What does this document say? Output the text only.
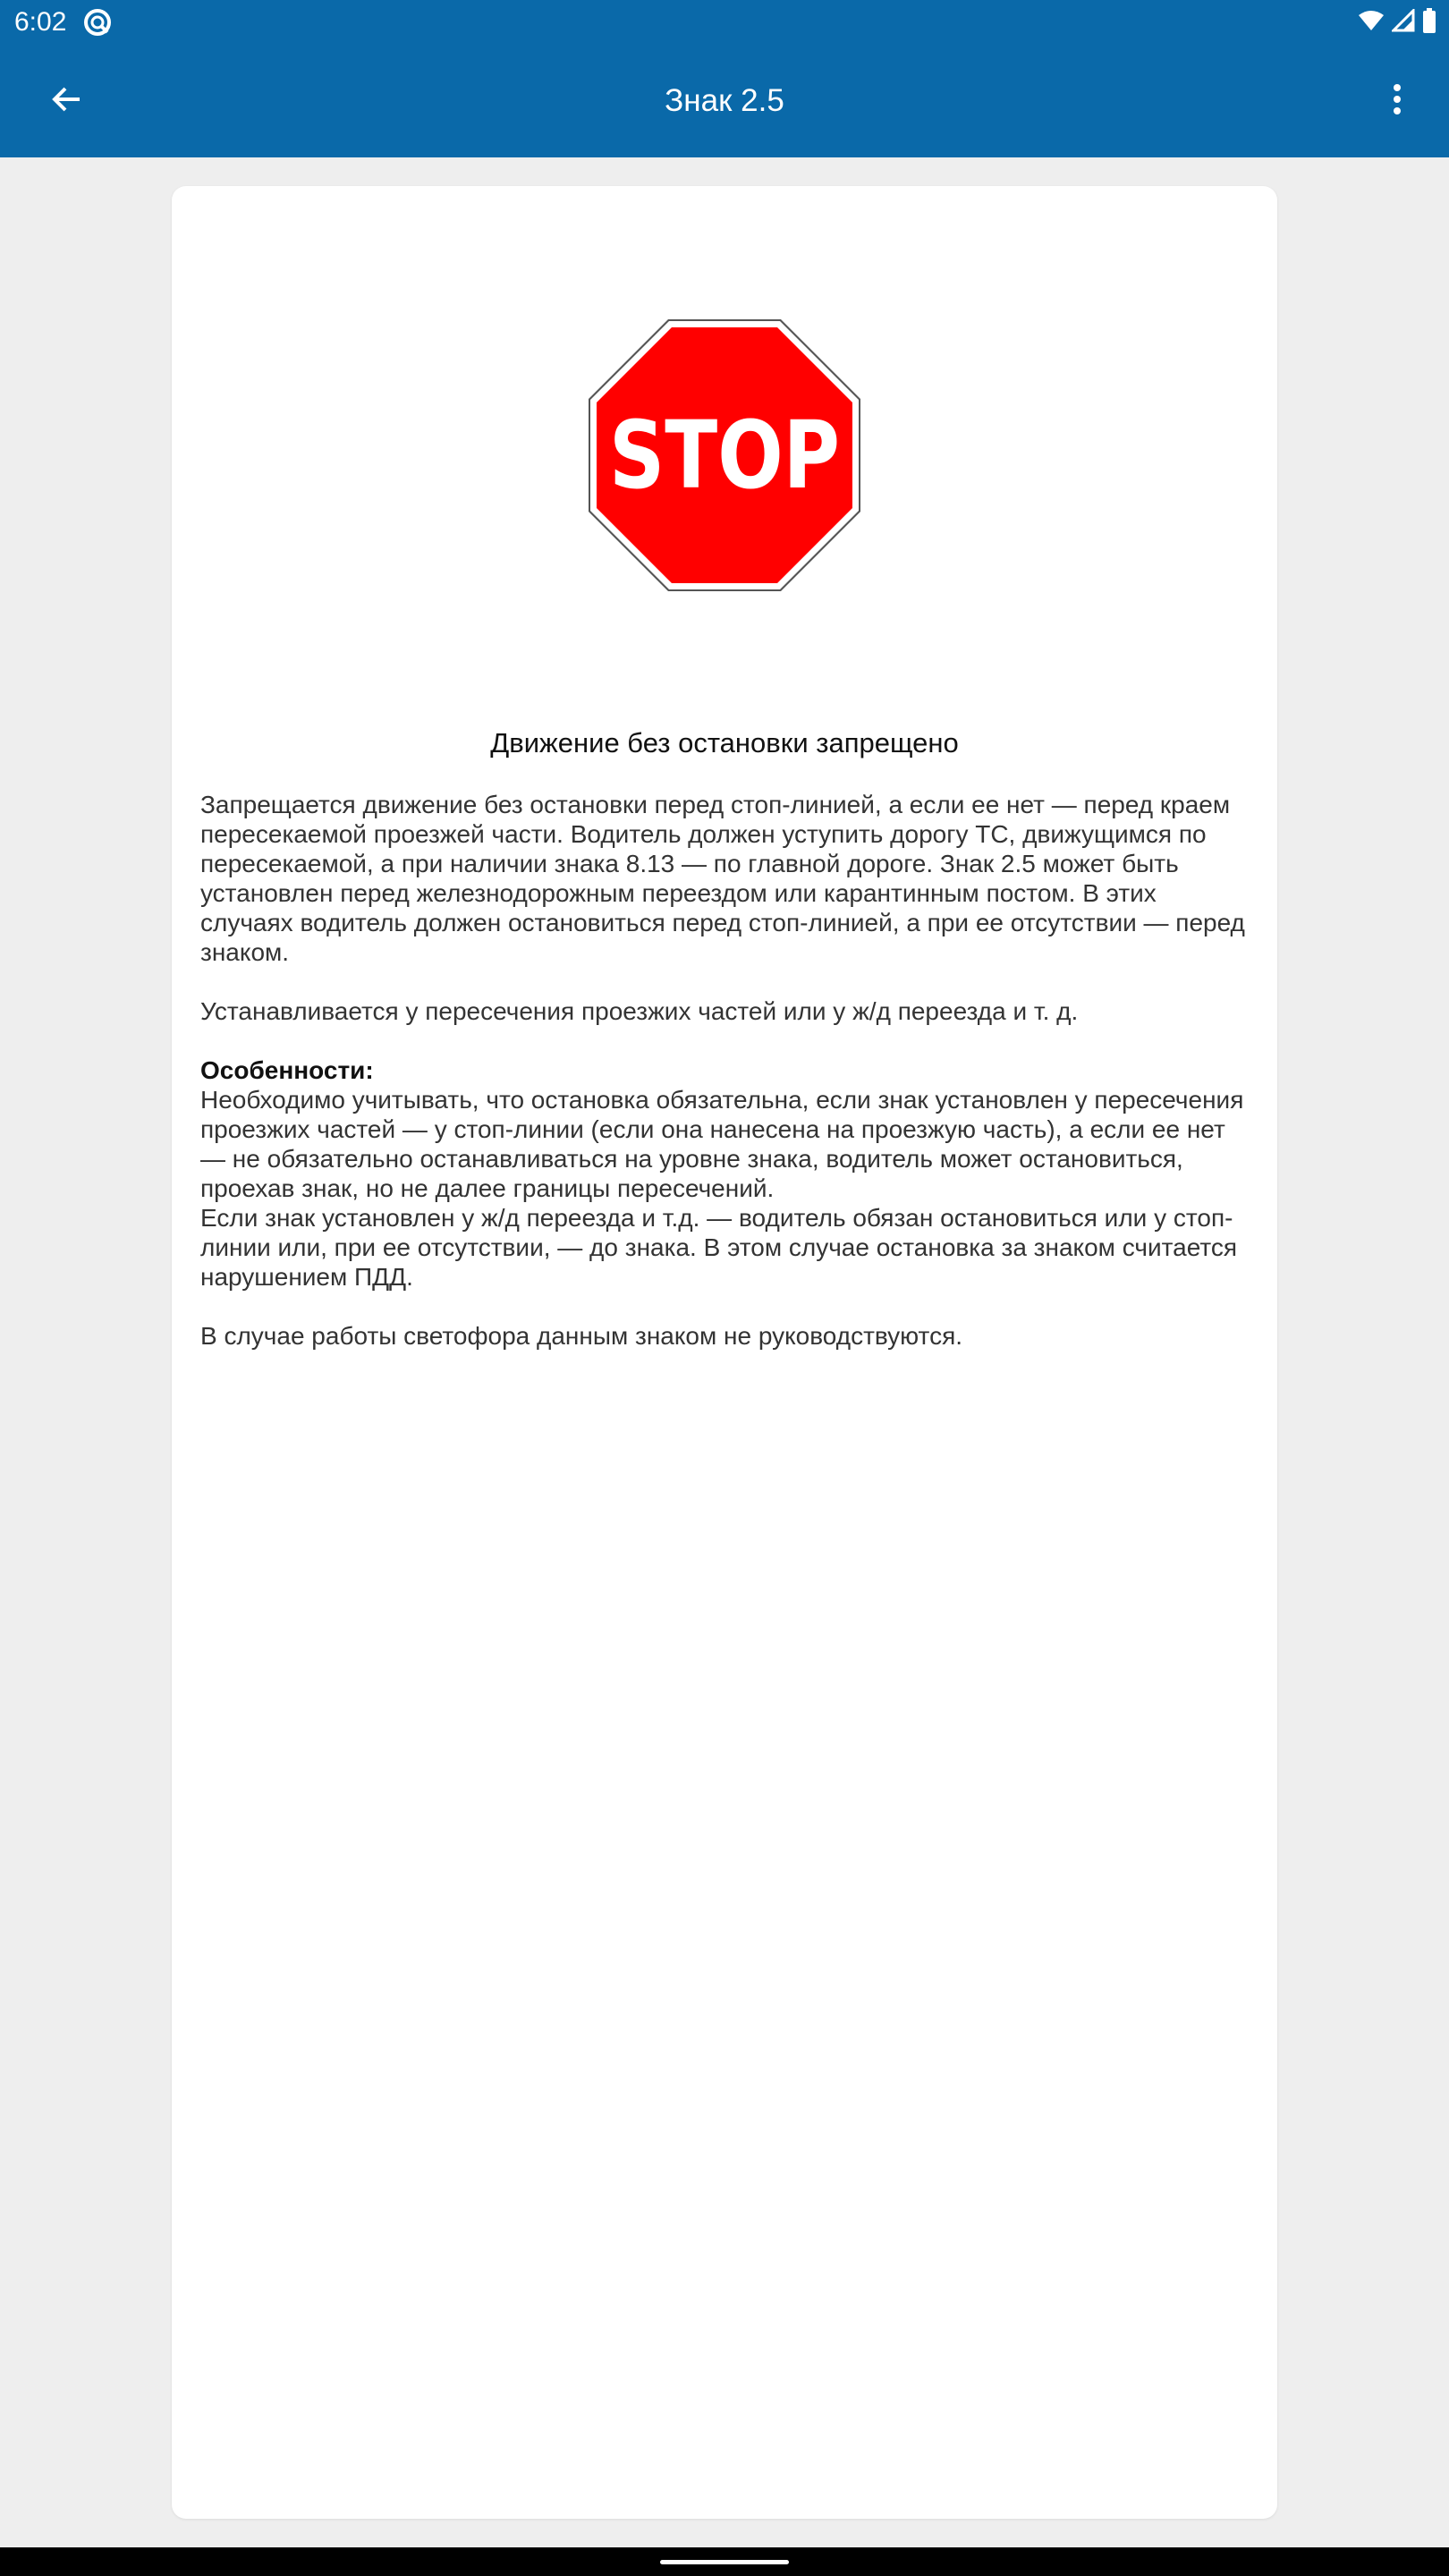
6:02
Знак 2.5
STOP
Движение без остановки запрещено

Запрещается движение без остановки перед стоп-линией, а если ее нет — перед краем пересекаемой проезжей части. Водитель должен уступить дорогу ТС, движущимся по пересекаемой, а при наличии знака 8.13 — по главной дороге. Знак 2.5 может быть установлен перед железнодорожным переездом или карантинным постом. В этих случаях водитель должен остановиться перед стоп-линией, а при ее отсутствии — перед знаком.

Устанавливается у пересечения проезжих частей или у ж/д переезда и т. д.

Особенности:

Необходимо учитывать, что остановка обязательна, если знак установлен у пересечения проезжих частей — у стоп-линии (если она нанесена на проезжую часть), а если ее нет — не обязательно останавливаться на уровне знака, водитель может остановиться, проехав знак, но не далее границы пересечений.

Если знак установлен у ж/д переезда и т.д. — водитель обязан остановиться или у стоп-линии или, при ее отсутствии, — до знака. В этом случае остановка за знаком считается нарушением ПДД.

В случае работы светофора данным знаком не руководствуются.
